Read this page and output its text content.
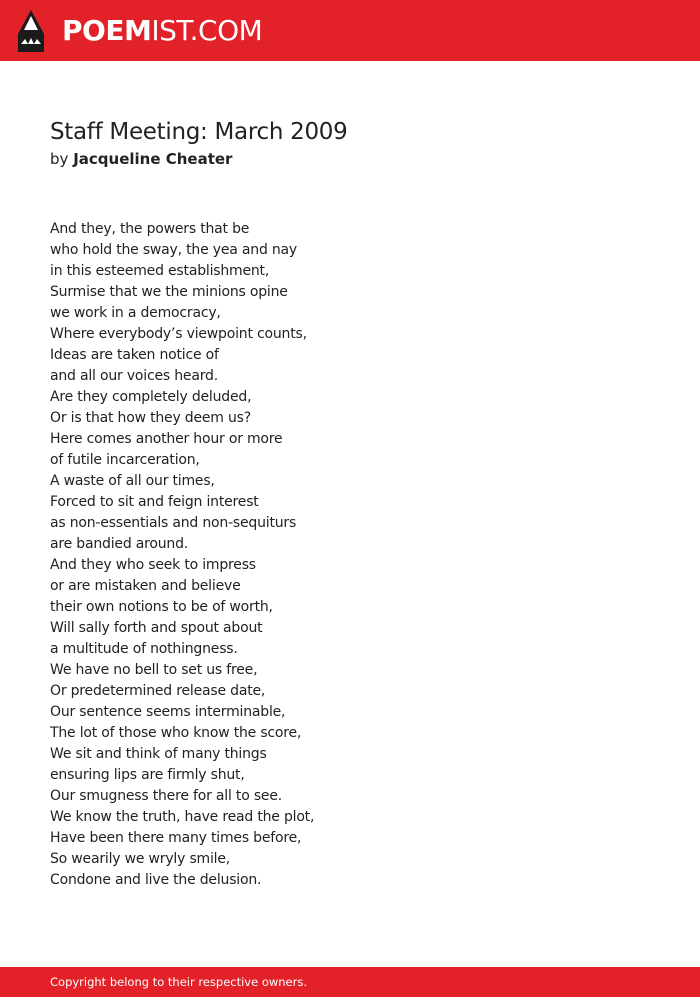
POEMIST.COM
Staff Meeting: March 2009
by Jacqueline Cheater
And they, the powers that be
who hold the sway, the yea and nay
in this esteemed establishment,
Surmise that we the minions opine
we work in a democracy,
Where everybody’s viewpoint counts,
Ideas are taken notice of
and all our voices heard.
Are they completely deluded,
Or is that how they deem us?
Here comes another hour or more
of futile incarceration,
A waste of all our times,
Forced to sit and feign interest
as non-essentials and non-sequiturs
are bandied around.
And they who seek to impress
or are mistaken and believe
their own notions to be of worth,
Will sally forth and spout about
a multitude of nothingness.
We have no bell to set us free,
Or predetermined release date,
Our sentence seems interminable,
The lot of those who know the score,
We sit and think of many things
ensuring lips are firmly shut,
Our smugness there for all to see.
We know the truth, have read the plot,
Have been there many times before,
So wearily we wryly smile,
Condone and live the delusion.
Copyright belong to their respective owners.
